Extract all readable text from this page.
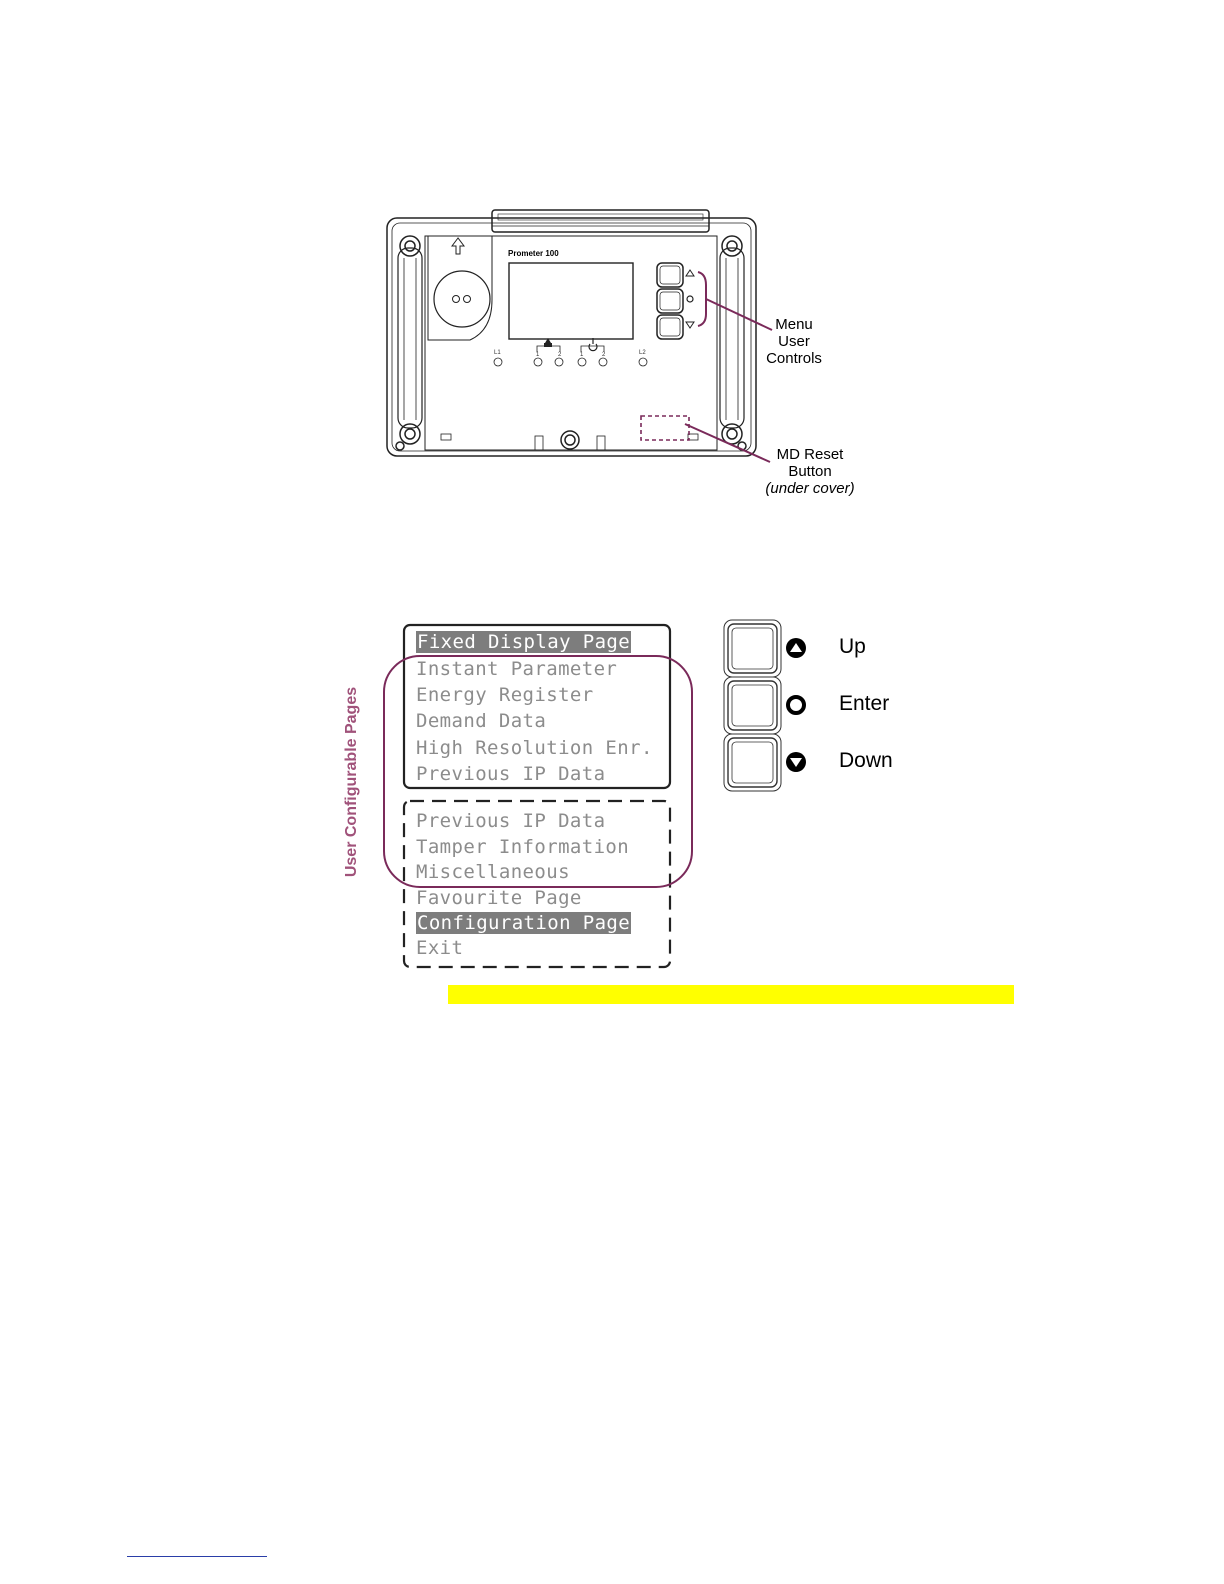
Prometer 100
L1	1	2	1	2	L2
Menu
User
Controls
MD Reset
Button
(under cover)
User Configurable Pages
Fixed Display Page
Instant Parameter
Energy Register
Demand Data
High Resolution Enr.
Previous IP Data
Previous IP Data
Tamper Information
Miscellaneous
Favourite Page
Configuration Page
Exit
Up
Enter
Down
